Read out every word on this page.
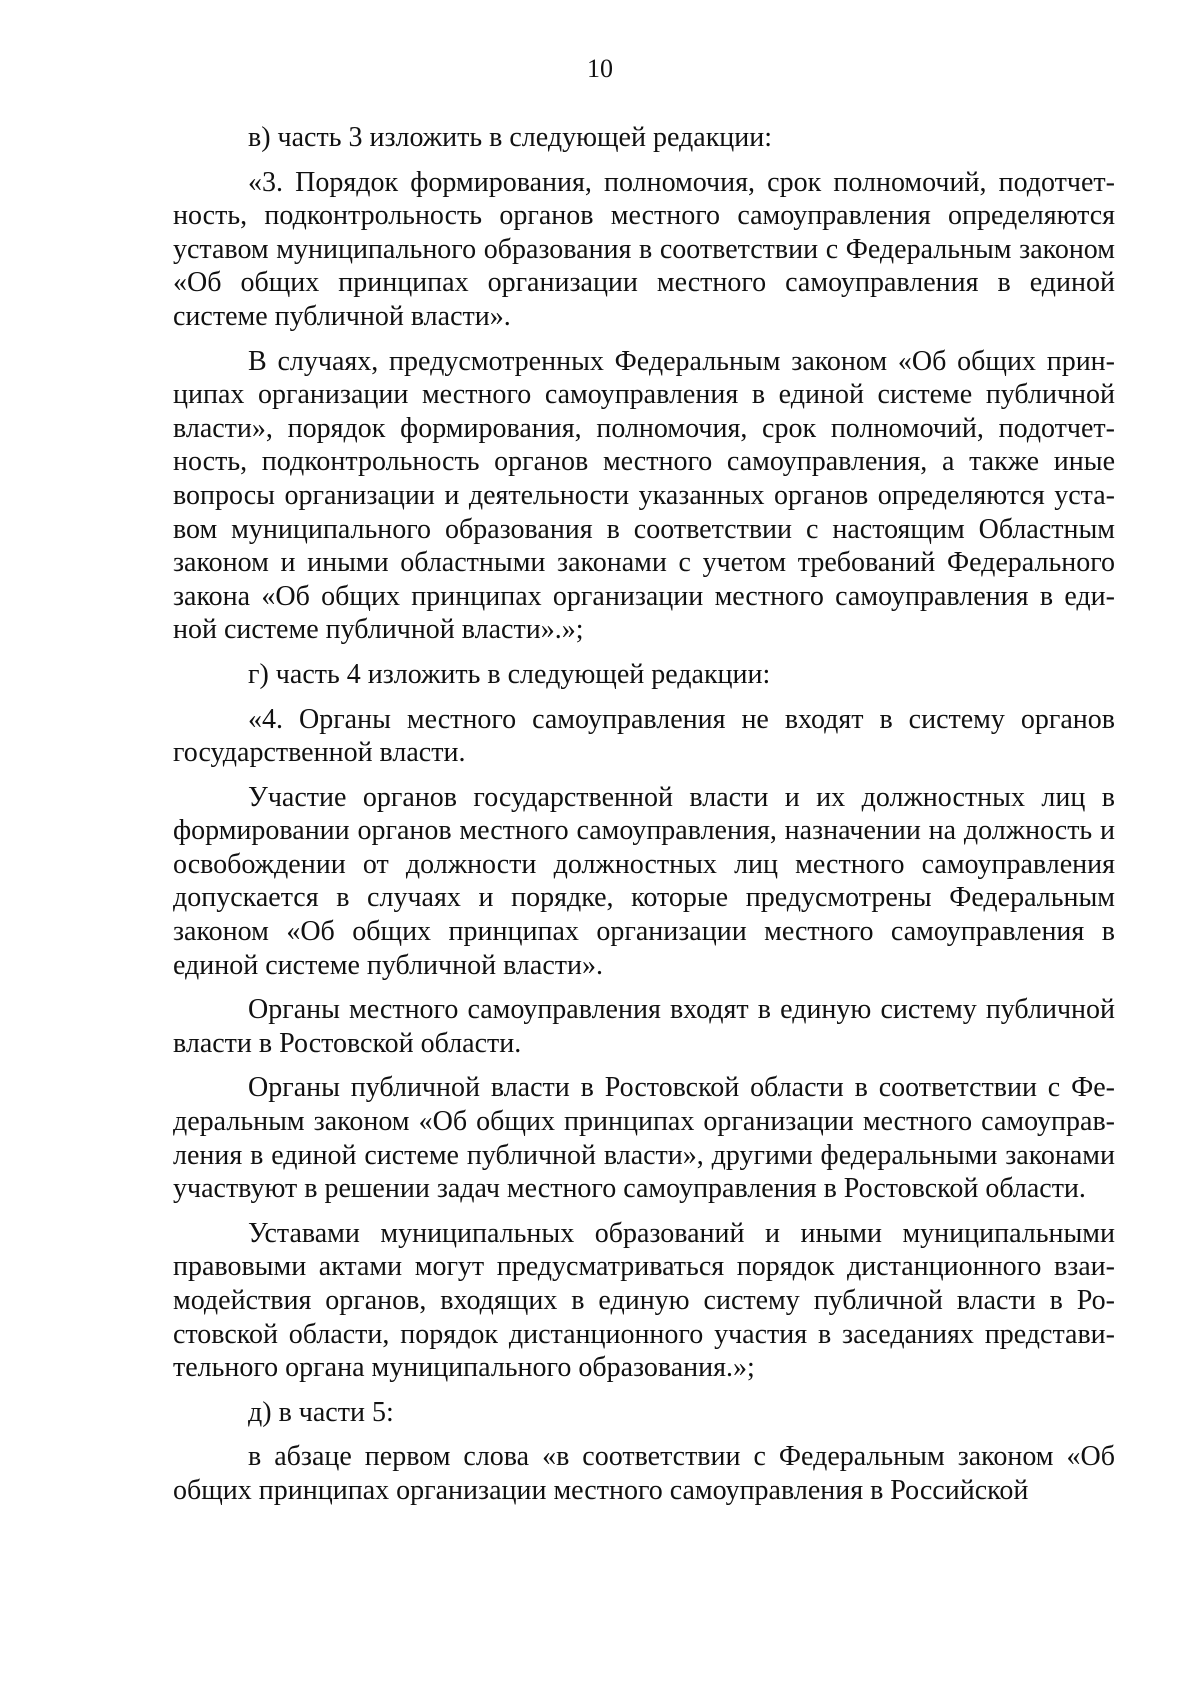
10

в) часть 3 изложить в следующей редакции:

«3. Порядок формирования, полномочия, срок полномочий, подотчетность, подконтрольность органов местного самоуправления определяются уставом муниципального образования в соответствии с Федеральным законом «Об общих принципах организации местного самоуправления в единой системе публичной власти».

В случаях, предусмотренных Федеральным законом «Об общих принципах организации местного самоуправления в единой системе публичной власти», порядок формирования, полномочия, срок полномочий, подотчетность, подконтрольность органов местного самоуправления, а также иные вопросы организации и деятельности указанных органов определяются уставом муниципального образования в соответствии с настоящим Областным законом и иными областными законами с учетом требований Федерального закона «Об общих принципах организации местного самоуправления в единой системе публичной власти».»;

г) часть 4 изложить в следующей редакции:

«4. Органы местного самоуправления не входят в систему органов государственной власти.

Участие органов государственной власти и их должностных лиц в формировании органов местного самоуправления, назначении на должность и освобождении от должности должностных лиц местного самоуправления допускается в случаях и порядке, которые предусмотрены Федеральным законом «Об общих принципах организации местного самоуправления в единой системе публичной власти».

Органы местного самоуправления входят в единую систему публичной власти в Ростовской области.

Органы публичной власти в Ростовской области в соответствии с Федеральным законом «Об общих принципах организации местного самоуправления в единой системе публичной власти», другими федеральными законами участвуют в решении задач местного самоуправления в Ростовской области.

Уставами муниципальных образований и иными муниципальными правовыми актами могут предусматриваться порядок дистанционного взаимодействия органов, входящих в единую систему публичной власти в Ростовской области, порядок дистанционного участия в заседаниях представительного органа муниципального образования.»;

д) в части 5:

в абзаце первом слова «в соответствии с Федеральным законом «Об общих принципах организации местного самоуправления в Российской
